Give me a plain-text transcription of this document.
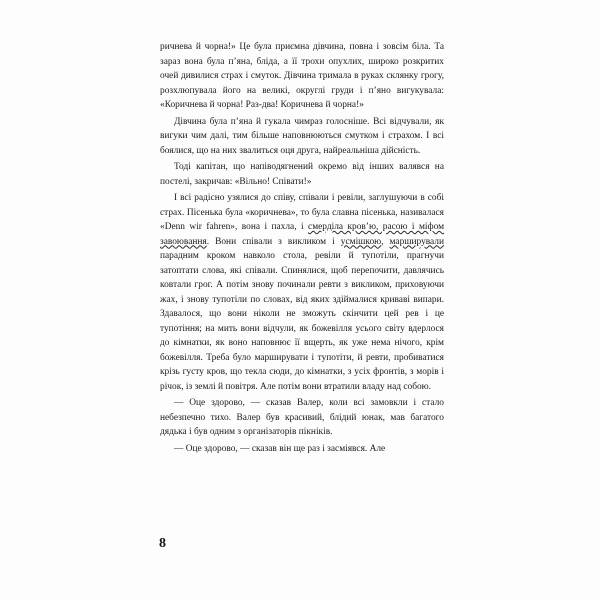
ричнева й чорна!» Це була приємна дівчина, повна і зовсім біла. Та зараз вона була п’яна, бліда, а її трохи опухлих, широко розкритих очей дивилися страх і смуток. Дівчина тримала в руках склянку грогу, розхлюпувала його на великі, округлі груди і п’яно вигукувала: «Коричнева й чорна! Раз-два! Коричнева й чорна!»

Дівчина була п’яна й гукала чимраз голосніше. Всі відчували, як вигуки чим далі, тим більше наповнюються смутком і страхом. І всі боялися, що на них звалиться оця друга, найреальніша дійсність.

Тоді капітан, що напіводягнений окремо від інших валявся на постелі, закричав: «Вільно! Співати!»

І всі радісно узялися до співу, співали і ревіли, заглушуючи в собі страх. Пісенька була «коричнева», то була славна пісенька, називалася «Denn wir fahren», вона і пахла, і смерділа кров’ю, расою і міфом завоювання. Вони співали з викликом і усмішкою, марширували парадним кроком навколо стола, ревіли й тупотіли, прагнучи затоптати слова, які співали. Спинялися, щоб перепочити, давлячись ковтали грог. А потім знову починали ревти з викликом, приховуючи жах, і знову тупотіли по словах, від яких здіймалися криваві випари. Здавалося, що вони ніколи не зможуть скінчити цей рев і це тупотіння; на мить вони відчули, як божевілля усього світу вдерлося до кімнатки, як воно наповнює її вщерть, як уже нема нічого, крім божевілля. Треба було марширувати і тупотіти, й ревти, пробиватися крізь густу кров, що текла сюди, до кімнатки, з усіх фронтів, з морів і річок, із землі й повітря. Але потім вони втратили владу над собою.

— Оце здорово, — сказав Валер, коли всі замовкли і стало небезпечно тихо. Валер був красивий, блідий юнак, мав багатого дядька і був одним з організаторів пікніків.

— Оце здорово, — сказав він ще раз і засміявся. Але

8
